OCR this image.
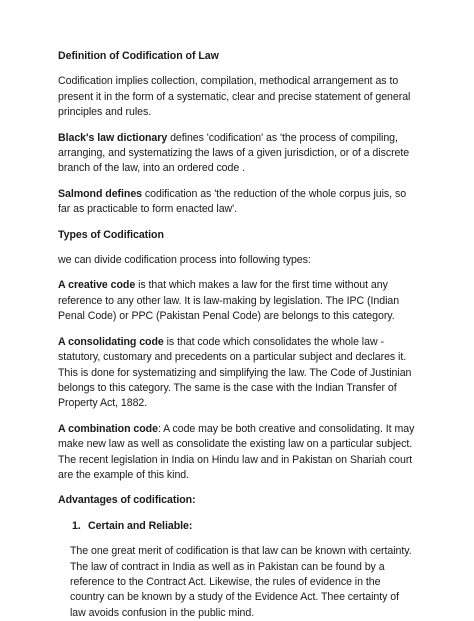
Definition of Codification of Law

Codification implies collection, compilation, methodical arrangement as to present it in the form of a systematic, clear and precise statement of general principles and rules.

Black's law dictionary defines 'codification' as 'the process of compiling, arranging, and systematizing the laws of a given jurisdiction, or of a discrete branch of the law, into an ordered code .

Salmond defines codification as 'the reduction of the whole corpus juis, so far as practicable to form enacted law'.

Types of Codification

we can divide codification process into following types:

A creative code is that which makes a law for the first time without any reference to any other law. It is law-making by legislation. The IPC (Indian Penal Code) or PPC (Pakistan Penal Code) are belongs to this category.

A consolidating code is that code which consolidates the whole law - statutory, customary and precedents on a particular subject and declares it. This is done for systematizing and simplifying the law. The Code of Justinian belongs to this category. The same is the case with the Indian Transfer of Property Act, 1882.

A combination code: A code may be both creative and consolidating. It may make new law as well as consolidate the existing law on a particular subject. The recent legislation in India on Hindu law and in Pakistan on Shariah court are the example of this kind.

Advantages of codification:
1. Certain and Reliable:

The one great merit of codification is that law can be known with certainty. The law of contract in India as well as in Pakistan can be found by a reference to the Contract Act. Likewise, the rules of evidence in the country can be known by a study of the Evidence Act. Thee certainty of law avoids confusion in the public mind.
